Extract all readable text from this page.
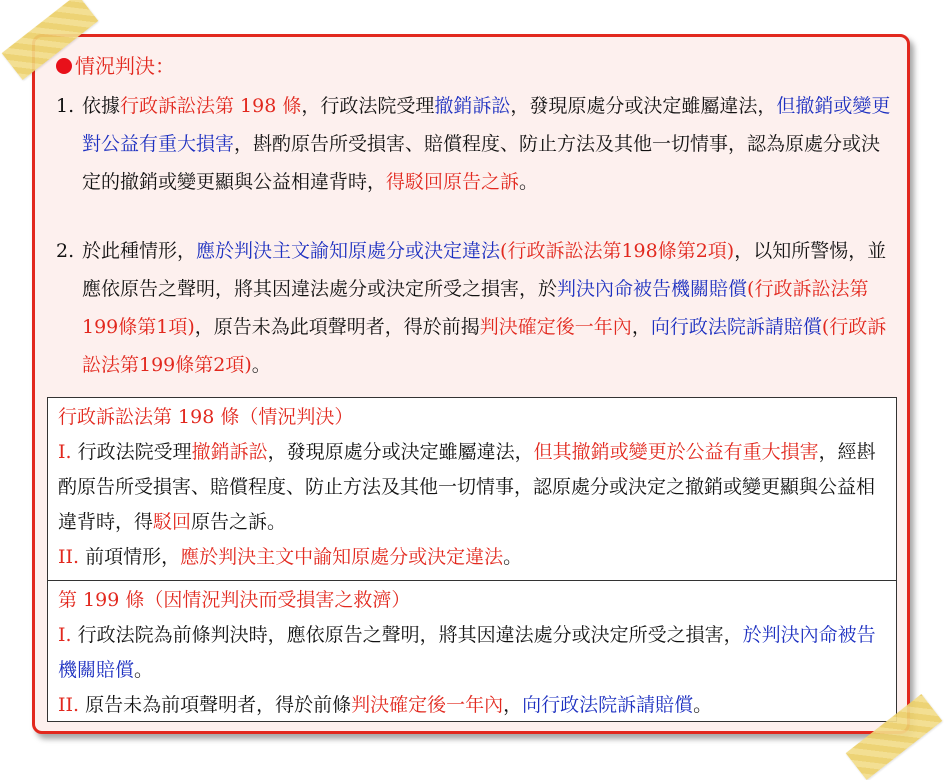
情況判決：
1. 依據行政訴訟法第 198 條，行政法院受理撤銷訴訟，發現原處分或決定雖屬違法，但撤銷或變更對公益有重大損害，斟酌原告所受損害、賠償程度、防止方法及其他一切情事，認為原處分或決定的撤銷或變更顯與公益相違背時，得駁回原告之訴。
2. 於此種情形，應於判決主文諭知原處分或決定違法(行政訴訟法第198條第2項)，以知所警惕，並應依原告之聲明，將其因違法處分或決定所受之損害，於判決內命被告機關賠償(行政訴訟法第199條第1項)，原告未為此項聲明者，得於前揭判決確定後一年內，向行政法院訴請賠償(行政訴訟法第199條第2項)。

行政訴訟法第 198 條（情況判決）

I. 行政法院受理撤銷訴訟，發現原處分或決定雖屬違法，但其撤銷或變更於公益有重大損害，經斟酌原告所受損害、賠償程度、防止方法及其他一切情事，認原處分或決定之撤銷或變更顯與公益相違背時，得駁回原告之訴。

II. 前項情形，應於判決主文中諭知原處分或決定違法。

第 199 條（因情況判決而受損害之救濟）

I. 行政法院為前條判決時，應依原告之聲明，將其因違法處分或決定所受之損害，於判決內命被告機關賠償。

II. 原告未為前項聲明者，得於前條判決確定後一年內，向行政法院訴請賠償。
